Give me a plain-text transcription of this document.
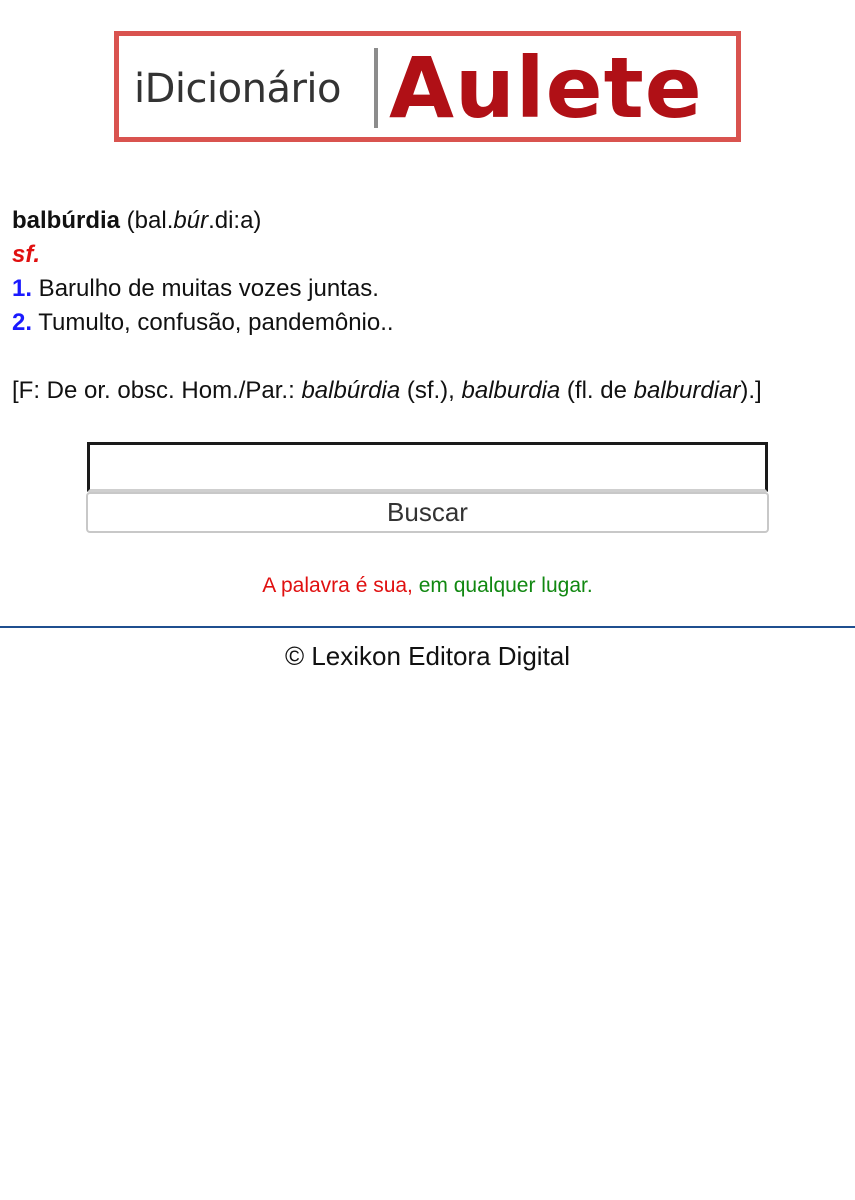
iDicionário Aulete
balbúrdia (bal.búr.di:a)
sf.
1. Barulho de muitas vozes juntas.
2. Tumulto, confusão, pandemônio..
[F: De or. obsc. Hom./Par.: balbúrdia (sf.), balburdia (fl. de balburdiar).]
Buscar
A palavra é sua, em qualquer lugar.
© Lexikon Editora Digital
